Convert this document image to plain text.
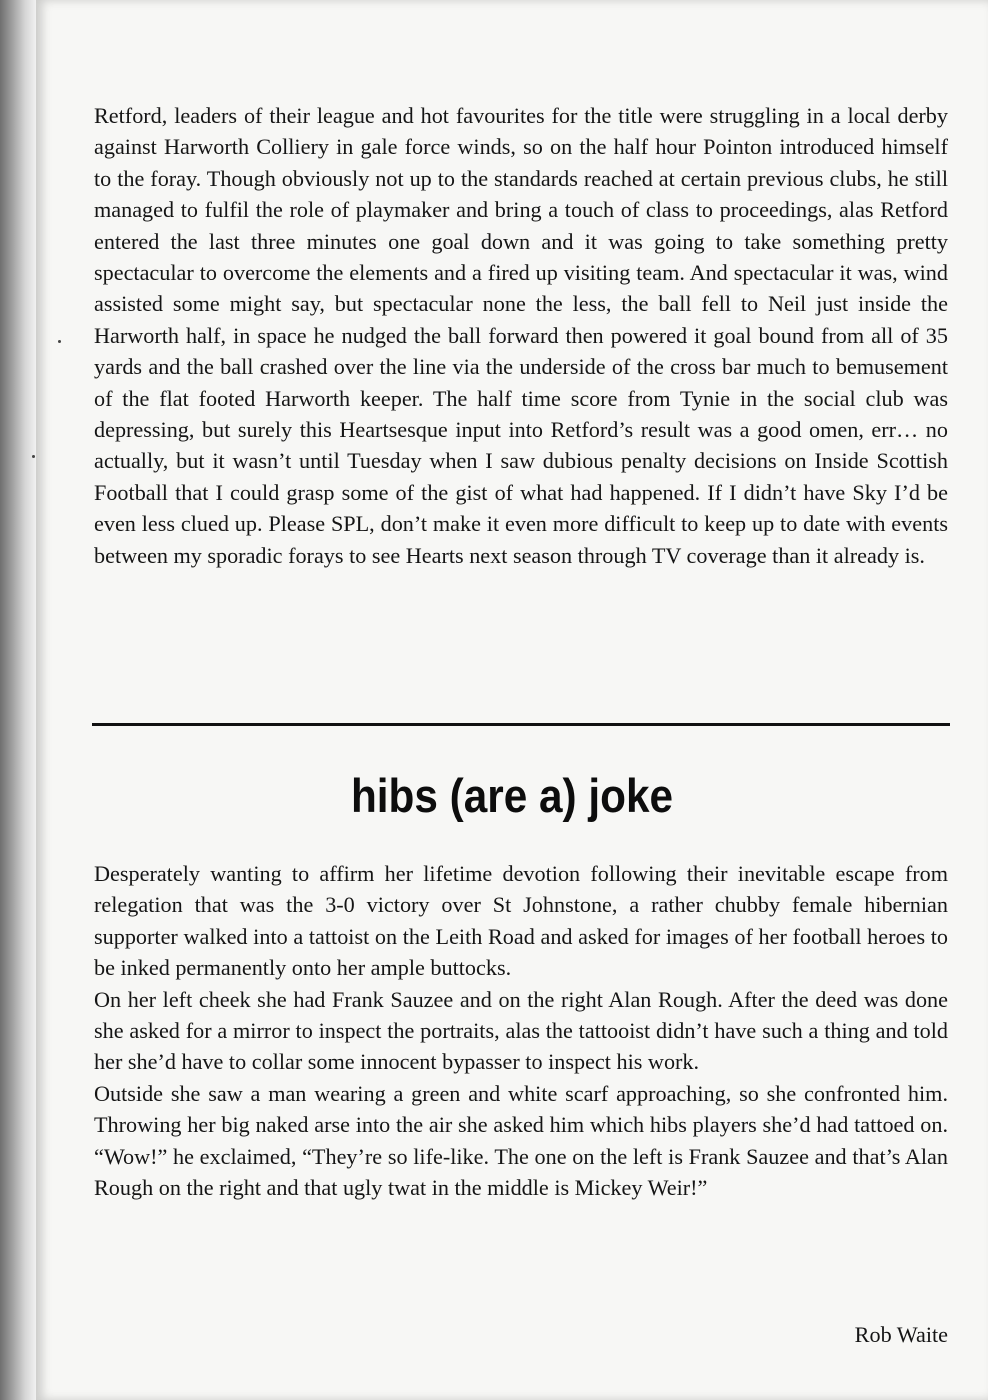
Retford, leaders of their league and hot favourites for the title were struggling in a local derby against Harworth Colliery in gale force winds, so on the half hour Pointon introduced himself to the foray. Though obviously not up to the standards reached at certain previous clubs, he still managed to fulfil the role of playmaker and bring a touch of class to proceedings, alas Retford entered the last three minutes one goal down and it was going to take something pretty spectacular to overcome the elements and a fired up visiting team. And spectacular it was, wind assisted some might say, but spectacular none the less, the ball fell to Neil just inside the Harworth half, in space he nudged the ball forward then powered it goal bound from all of 35 yards and the ball crashed over the line via the underside of the cross bar much to bemusement of the flat footed Harworth keeper. The half time score from Tynie in the social club was depressing, but surely this Heartsesque input into Retford’s result was a good omen, err… no actually, but it wasn’t until Tuesday when I saw dubious penalty decisions on Inside Scottish Football that I could grasp some of the gist of what had happened. If I didn’t have Sky I’d be even less clued up. Please SPL, don’t make it even more difficult to keep up to date with events between my sporadic forays to see Hearts next season through TV coverage than it already is.

hibs (are a) joke

Desperately wanting to affirm her lifetime devotion following their inevitable escape from relegation that was the 3-0 victory over St Johnstone, a rather chubby female hibernian supporter walked into a tattoist on the Leith Road and asked for images of her football heroes to be inked permanently onto her ample buttocks.

On her left cheek she had Frank Sauzee and on the right Alan Rough. After the deed was done she asked for a mirror to inspect the portraits, alas the tattooist didn’t have such a thing and told her she’d have to collar some innocent bypasser to inspect his work.

Outside she saw a man wearing a green and white scarf approaching, so she confronted him. Throwing her big naked arse into the air she asked him which hibs players she’d had tattoed on. “Wow!” he exclaimed, “They’re so life-like. The one on the left is Frank Sauzee and that’s Alan Rough on the right and that ugly twat in the middle is Mickey Weir!”

Rob Waite
